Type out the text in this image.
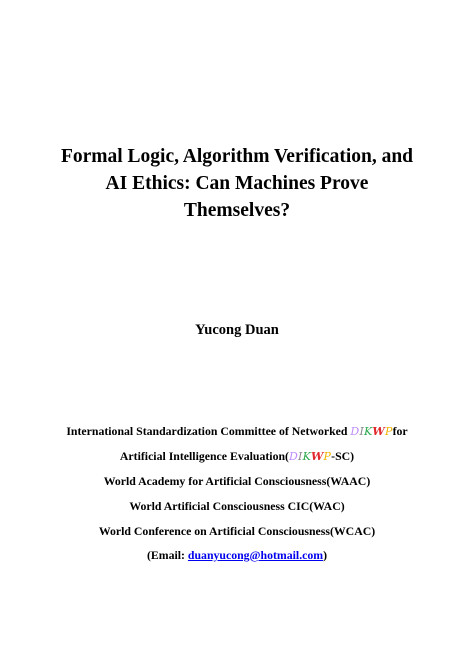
Formal Logic, Algorithm Verification, and
AI Ethics: Can Machines Prove
Themselves?
Yucong Duan
International Standardization Committee of Networked DIKWPfor
Artificial Intelligence Evaluation(DIKWP-SC)
World Academy for Artificial Consciousness(WAAC)
World Artificial Consciousness CIC(WAC)
World Conference on Artificial Consciousness(WCAC)
(Email: duanyucong@hotmail.com)
